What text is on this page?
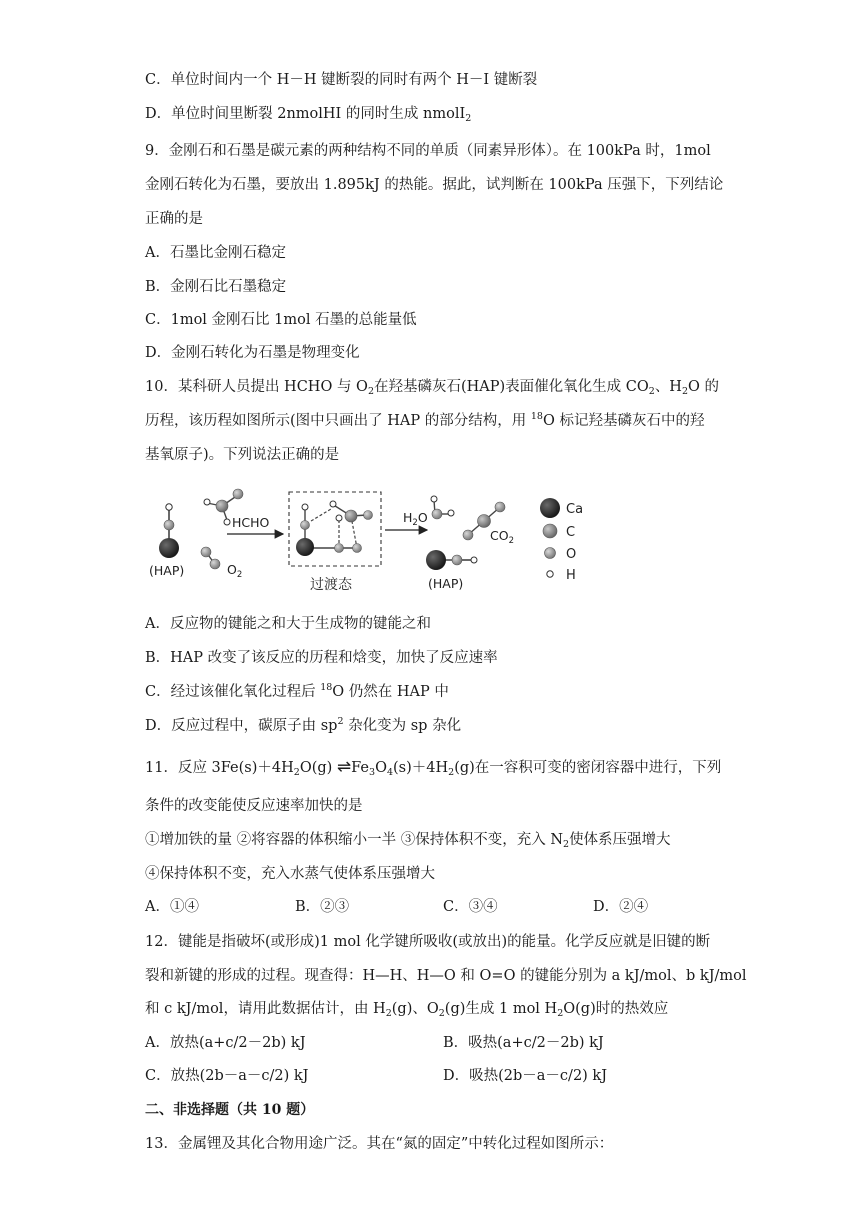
C．单位时间内一个 H－H 键断裂的同时有两个 H－I 键断裂
D．单位时间里断裂 2nmolHI 的同时生成 nmolI$_2$
9．金刚石和石墨是碳元素的两种结构不同的单质（同素异形体）。在 100kPa 时，1mol
金刚石转化为石墨，要放出 1.895kJ 的热能。据此，试判断在 100kPa 压强下，下列结论
正确的是
A．石墨比金刚石稳定
B．金刚石比石墨稳定
C．1mol 金刚石比 1mol 石墨的总能量低
D．金刚石转化为石墨是物理变化
10．某科研人员提出 HCHO 与 $O_2$在羟基磷灰石(HAP)表面催化氧化生成 $CO_2$、$H_2O$ 的
历程，该历程如图所示(图中只画出了 HAP 的部分结构，用 $^{18}$O 标记羟基磷灰石中的羟
基氧原子)。下列说法正确的是
(HAP)	$O_2$
HCHO
过渡态
$H_2O$
$CO_2$
(HAP)
Ca
C
O
H
A．反应物的键能之和大于生成物的键能之和
B．HAP 改变了该反应的历程和焓变，加快了反应速率
C．经过该催化氧化过程后 $^{18}$O 仍然在 HAP 中
D．反应过程中，碳原子由 $sp^2$ 杂化变为 sp 杂化
11．反应 $3Fe(s)+4H_2O(g)$ $\rightleftharpoons Fe_3O_4(s)+4H_2(g)$在一容积可变的密闭容器中进行，下列
条件的改变能使反应速率加快的是
①增加铁的量 ②将容器的体积缩小一半 ③保持体积不变，充入 $N_2$使体系压强增大
④保持体积不变，充入水蒸气使体系压强增大
A．①④	B．②③	C．③④	D．②④
12．键能是指破坏(或形成)1 mol 化学键所吸收(或放出)的能量。化学反应就是旧键的断
裂和新键的形成的过程。现查得：H—H、H—O 和 O=O 的键能分别为 a kJ/mol、b kJ/mol
和 c kJ/mol，请用此数据估计，由 $H_2(g)$、$O_2(g)$生成 1 mol $H_2O(g)$时的热效应
A．放热(a+c/2－2b) kJ	B．吸热(a+c/2－2b) kJ
C．放热(2b－a－c/2) kJ	D．吸热(2b－a－c/2) kJ
二、非选择题（共 10 题）
13．金属锂及其化合物用途广泛。其在“氮的固定”中转化过程如图所示：
